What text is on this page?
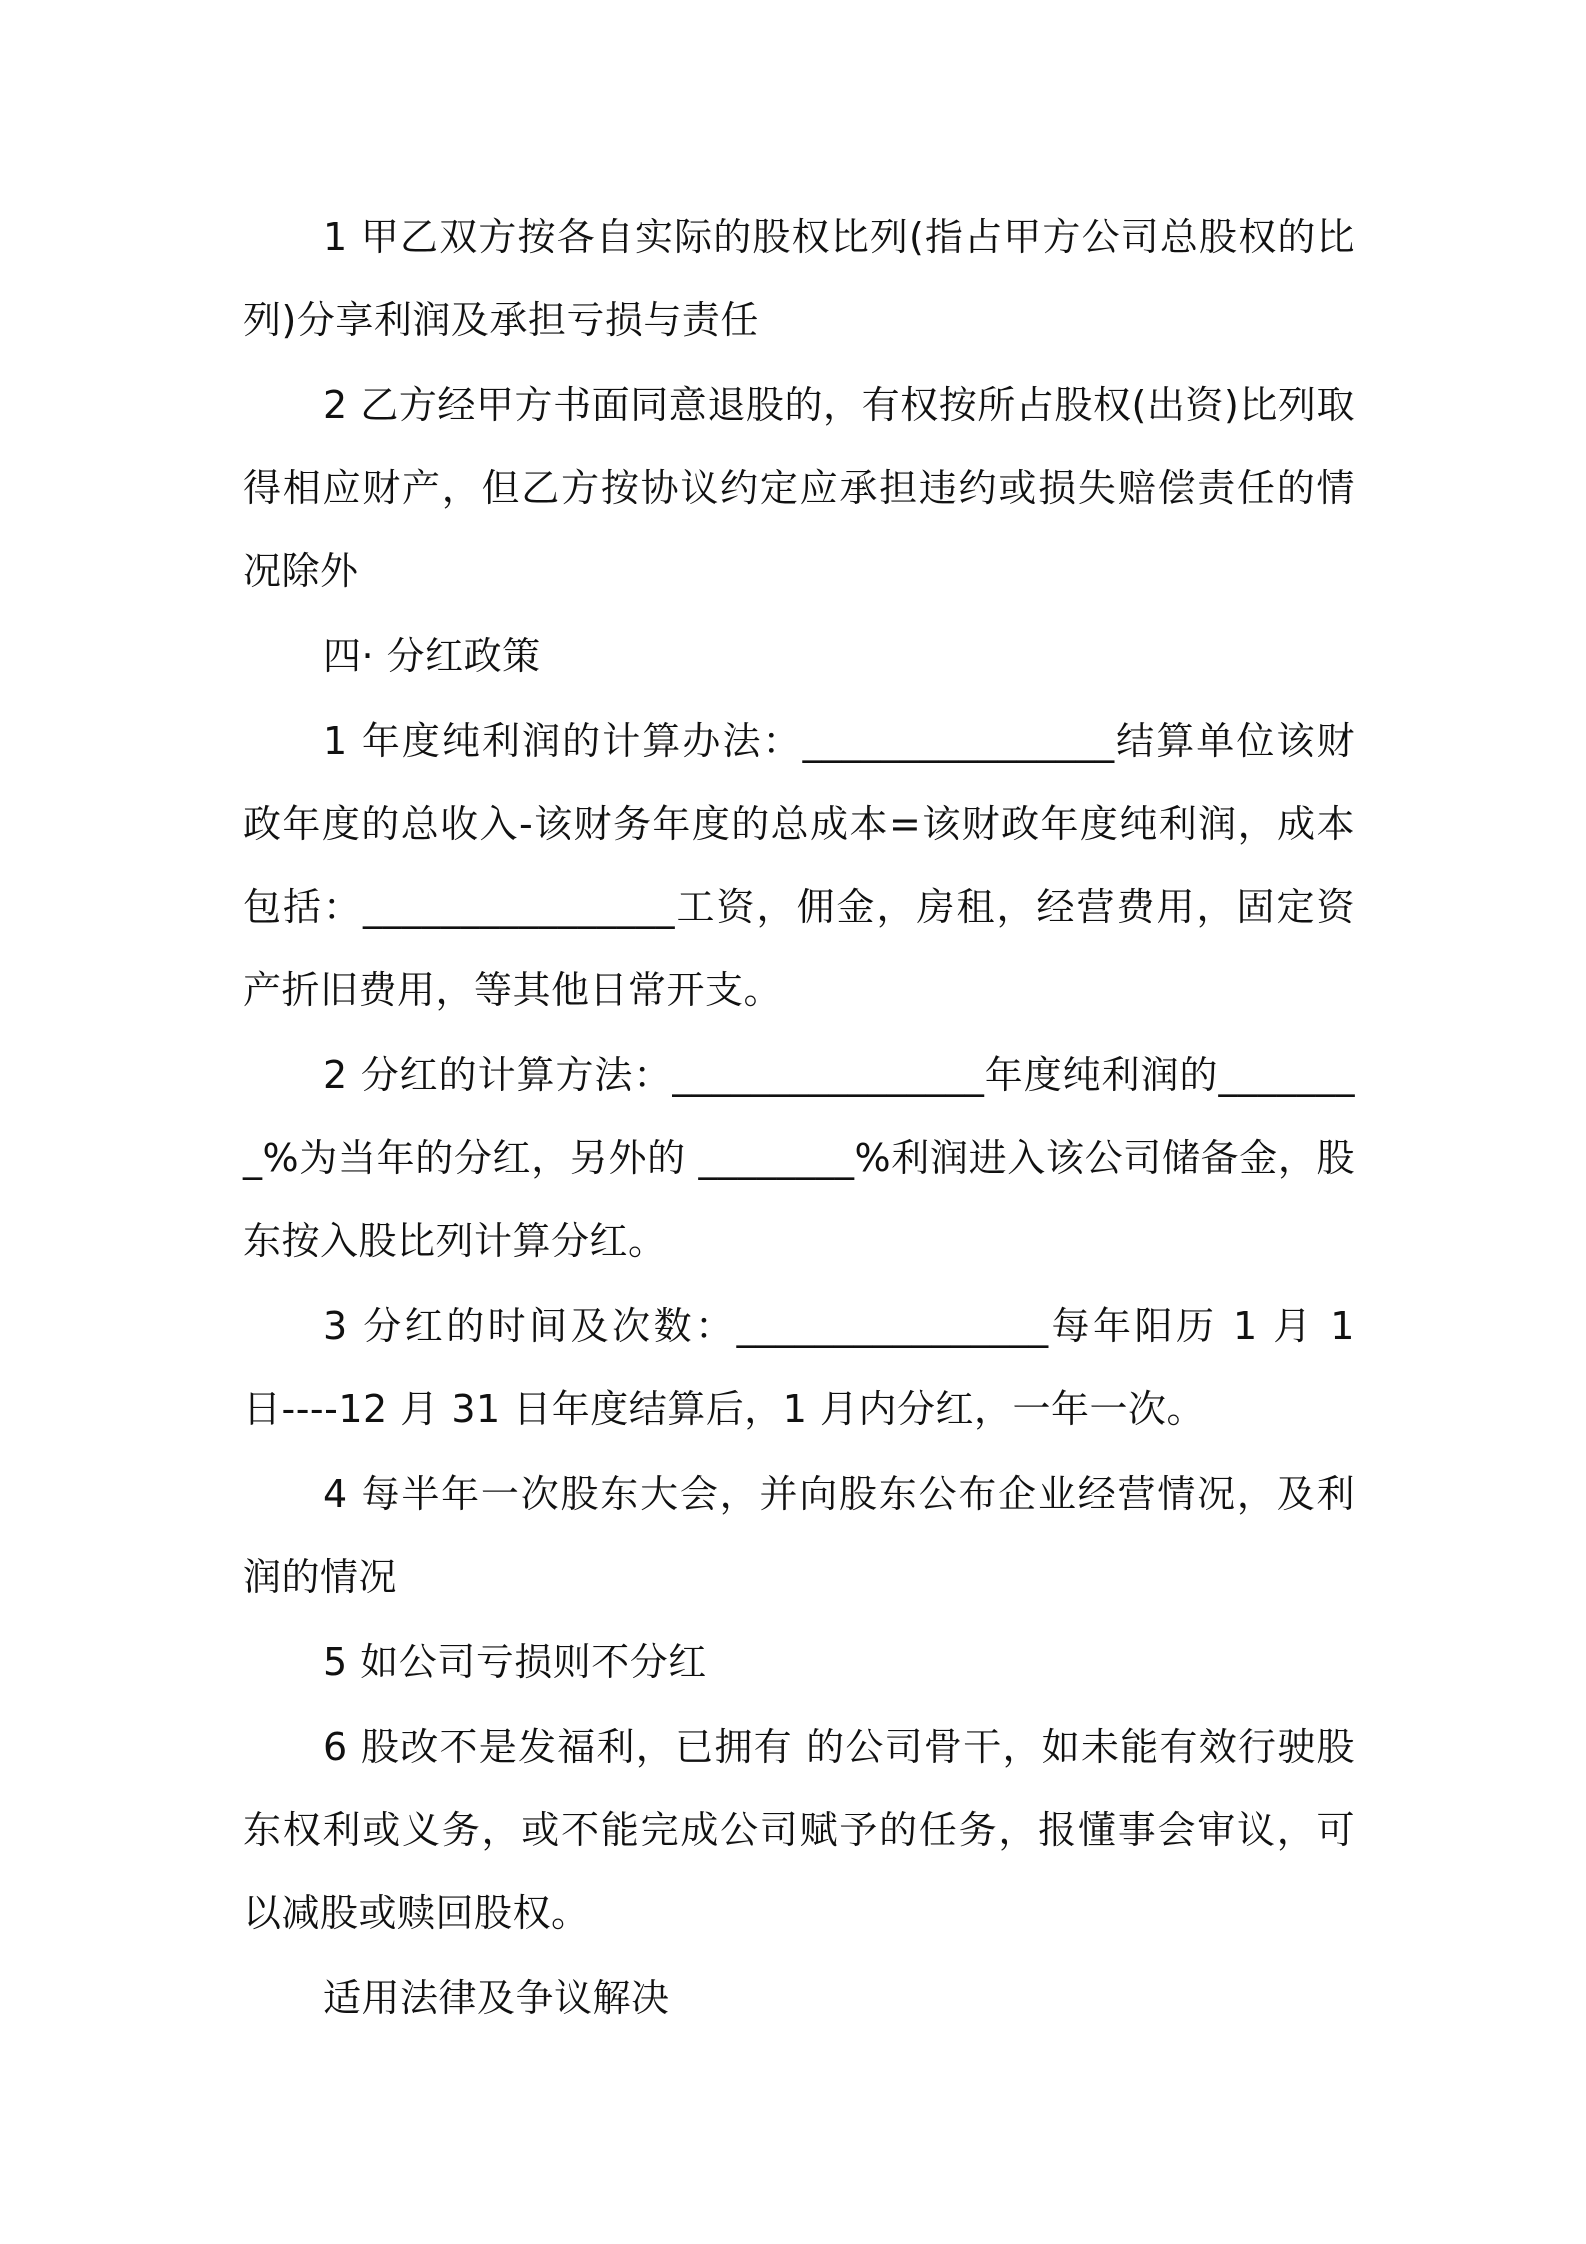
1 甲乙双方按各自实际的股权比列(指占甲方公司总股权的比列)分享利润及承担亏损与责任

2 乙方经甲方书面同意退股的，有权按所占股权(出资)比列取得相应财产，但乙方按协议约定应承担违约或损失赔偿责任的情况除外

四· 分红政策

1 年度纯利润的计算办法：________________结算单位该财政年度的总收入-该财务年度的总成本=该财政年度纯利润，成本包括：________________工资，佣金，房租，经营费用，固定资产折旧费用，等其他日常开支。

2 分红的计算方法：________________年度纯利润的________%为当年的分红，另外的 ________%利润进入该公司储备金，股东按入股比列计算分红。

3 分红的时间及次数：________________每年阳历 1 月 1 日----12 月 31 日年度结算后，1 月内分红，一年一次。

4 每半年一次股东大会，并向股东公布企业经营情况，及利润的情况

5 如公司亏损则不分红

6 股改不是发福利，已拥有 的公司骨干，如未能有效行驶股东权利或义务，或不能完成公司赋予的任务，报懂事会审议，可以减股或赎回股权。

适用法律及争议解决
